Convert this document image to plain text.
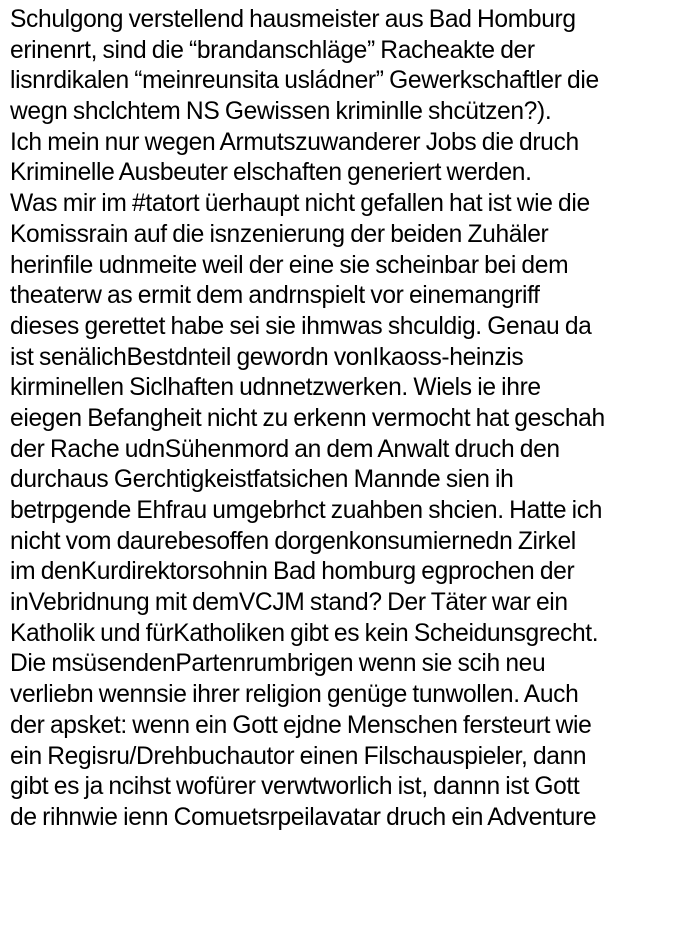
Schulgong verstellend hausmeister aus Bad Homburg
erinenrt, sind die “brandanschläge” Racheakte der
lisnrdikalen “meinreunsita usládner” Gewerkschaftler die
wegn shclchtem NS Gewissen kriminlle shcützen?).
Ich mein nur wegen Armutszuwanderer Jobs die druch
Kriminelle Ausbeuter elschaften generiert werden.
Was mir im #tatort üerhaupt nicht gefallen hat ist wie die
Komissrain auf die isnzenierung der beiden Zuhäler
herinfile udnmeite weil der eine sie scheinbar bei dem
theaterw as ermit dem andrnspielt vor einemangriff
dieses gerettet habe sei sie ihmwas shculdig. Genau da
ist senälichBestdnteil gewordn vonIkaoss-heinzis
kirminellen Siclhaften udnnetzwerken. Wiels ie ihre
eiegen Befangheit nicht zu erkenn vermocht hat geschah
der Rache udnSühenmord an dem Anwalt druch den
durchaus Gerchtigkeistfatsichen Mannde sien ih
betrpgende Ehfrau umgebrhct zuahben shcien. Hatte ich
nicht vom daurebesoffen dorgenkonsumiernedn Zirkel
im denKurdirektorsohnin Bad homburg egprochen der
inVebridnung mit demVCJM stand? Der Täter war ein
Katholik und fürKatholiken gibt es kein Scheidunsgrecht.
Die msüsendenPartenrumbrigen wenn sie scih neu
verliebn wennsie ihrer religion genüge tunwollen. Auch
der apsket: wenn ein Gott ejdne Menschen fersteurt wie
ein Regisru/Drehbuchautor einen Filschauspieler, dann
gibt es ja ncihst wofürer verwtworlich ist, dannn ist Gott
de rihnwie ienn Comuetsrpeilavatar druch ein Adventure
